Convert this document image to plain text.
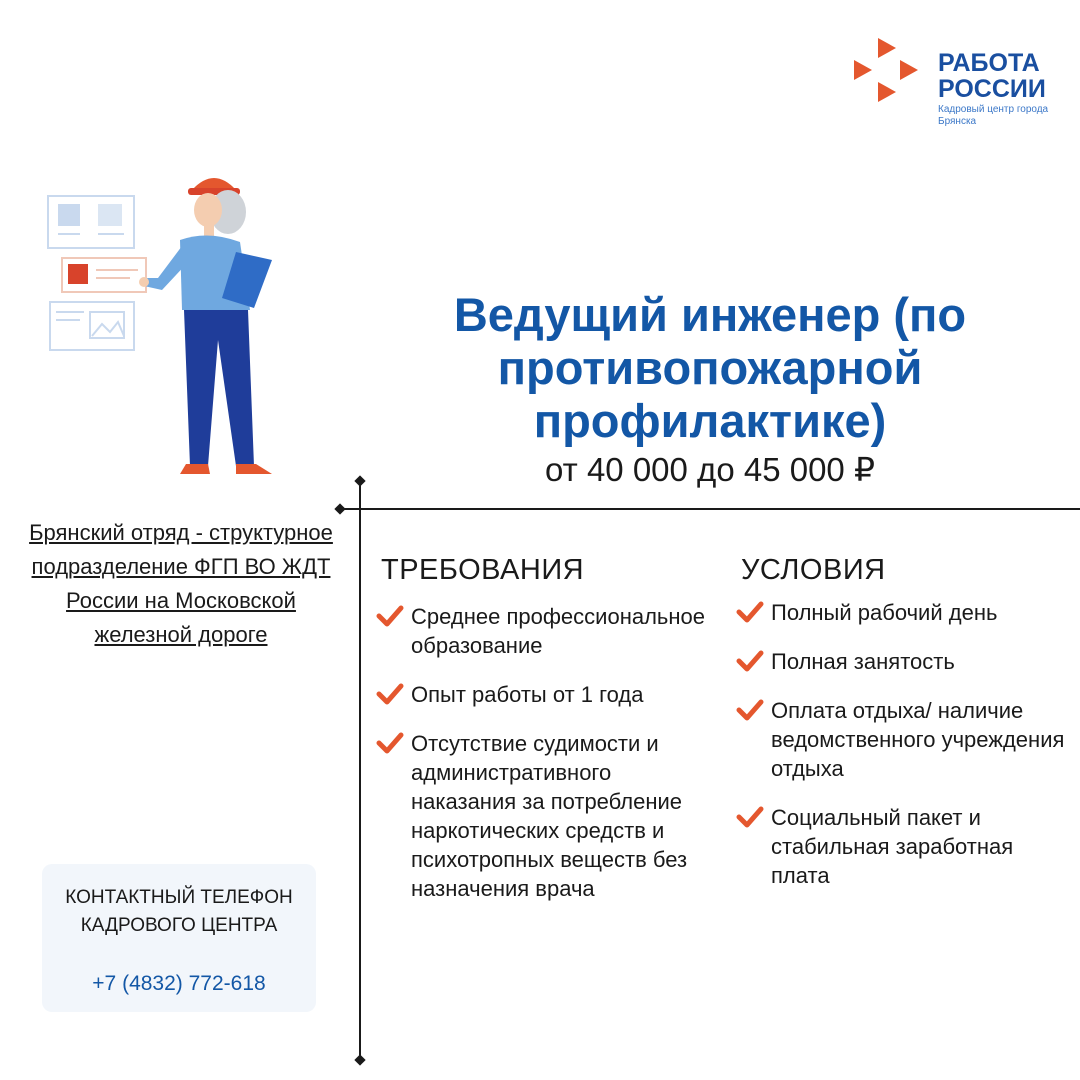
РАБОТА РОССИИ
Кадровый центр города Брянска
Ведущий инженер (по противопожарной профилактике)
от 40 000 до 45 000 ₽
Брянский отряд - структурное подразделение ФГП ВО ЖДТ России на Московской железной дороге
КОНТАКТНЫЙ ТЕЛЕФОН КАДРОВОГО ЦЕНТРА
+7 (4832) 772-618
ТРЕБОВАНИЯ
Среднее профессиональное образование
Опыт работы от 1 года
Отсутствие судимости и административного наказания за потребление наркотических средств и психотропных веществ без назначения врача
УСЛОВИЯ
Полный рабочий день
Полная занятость
Оплата отдыха/ наличие ведомственного учреждения отдыха
Социальный пакет и стабильная заработная плата
